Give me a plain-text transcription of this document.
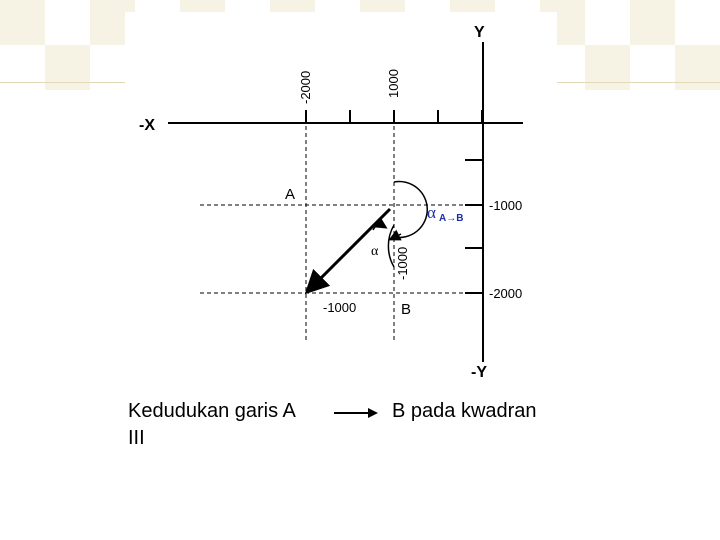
Y
-Y
-X
A
B
-2000	1000
-1000
-2000
-1000
-1000
α
α A→B
Kedudukan garis A	B pada kwadran
III
